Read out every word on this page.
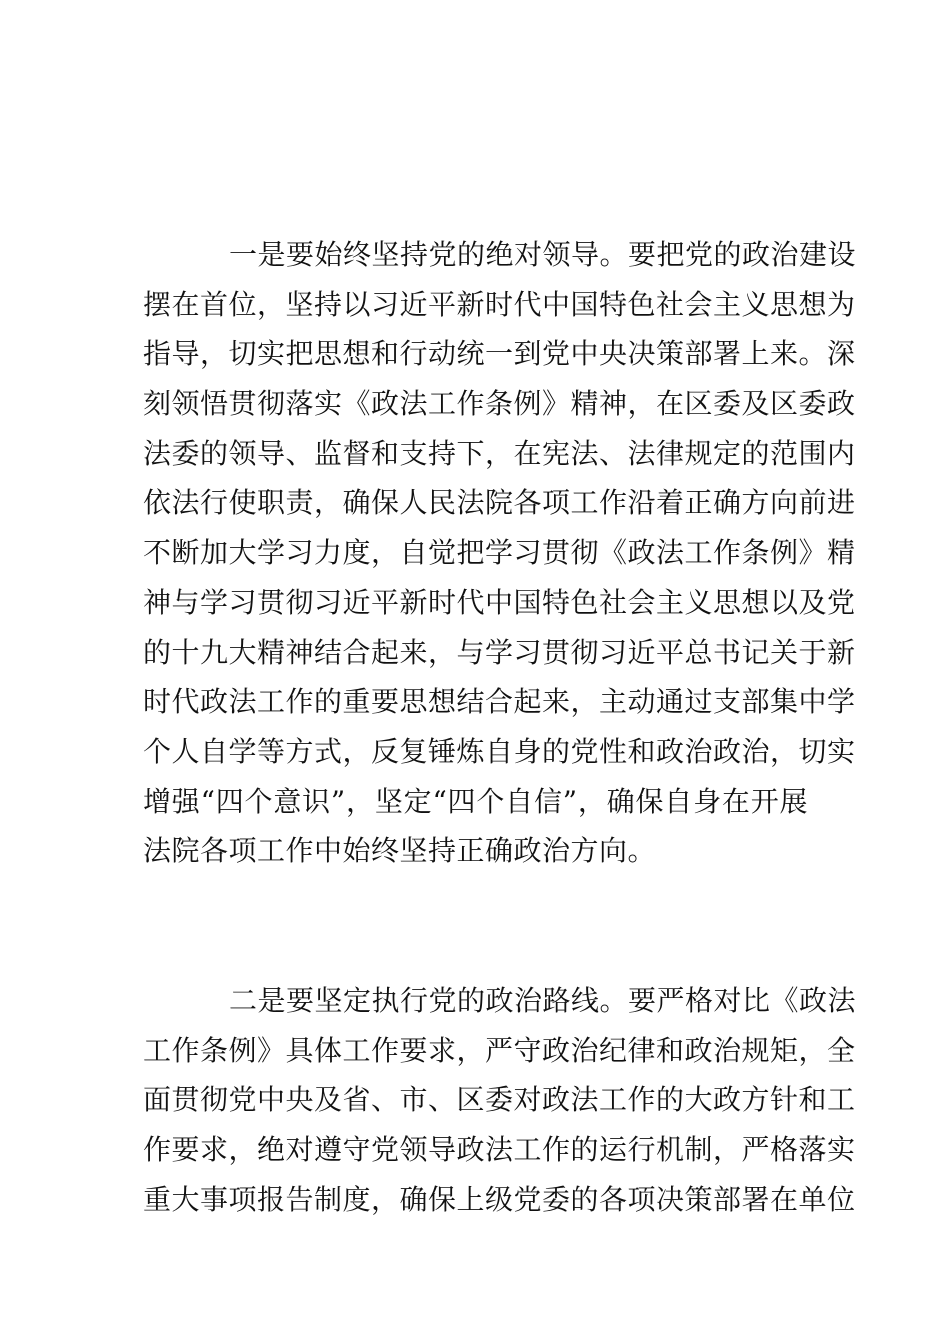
一是要始终坚持党的绝对领导。要把党的政治建设
摆在首位，坚持以习近平新时代中国特色社会主义思想为
指导，切实把思想和行动统一到党中央决策部署上来。深
刻领悟贯彻落实《政法工作条例》精神，在区委及区委政
法委的领导、监督和支持下，在宪法、法律规定的范围内
依法行使职责，确保人民法院各项工作沿着正确方向前进
不断加大学习力度，自觉把学习贯彻《政法工作条例》精
神与学习贯彻习近平新时代中国特色社会主义思想以及党
的十九大精神结合起来，与学习贯彻习近平总书记关于新
时代政法工作的重要思想结合起来，主动通过支部集中学
个人自学等方式，反复锤炼自身的党性和政治政治，切实
增强“四个意识”，坚定“四个自信”，确保自身在开展
法院各项工作中始终坚持正确政治方向。
二是要坚定执行党的政治路线。要严格对比《政法
工作条例》具体工作要求，严守政治纪律和政治规矩，全
面贯彻党中央及省、市、区委对政法工作的大政方针和工
作要求，绝对遵守党领导政法工作的运行机制，严格落实
重大事项报告制度，确保上级党委的各项决策部署在单位
